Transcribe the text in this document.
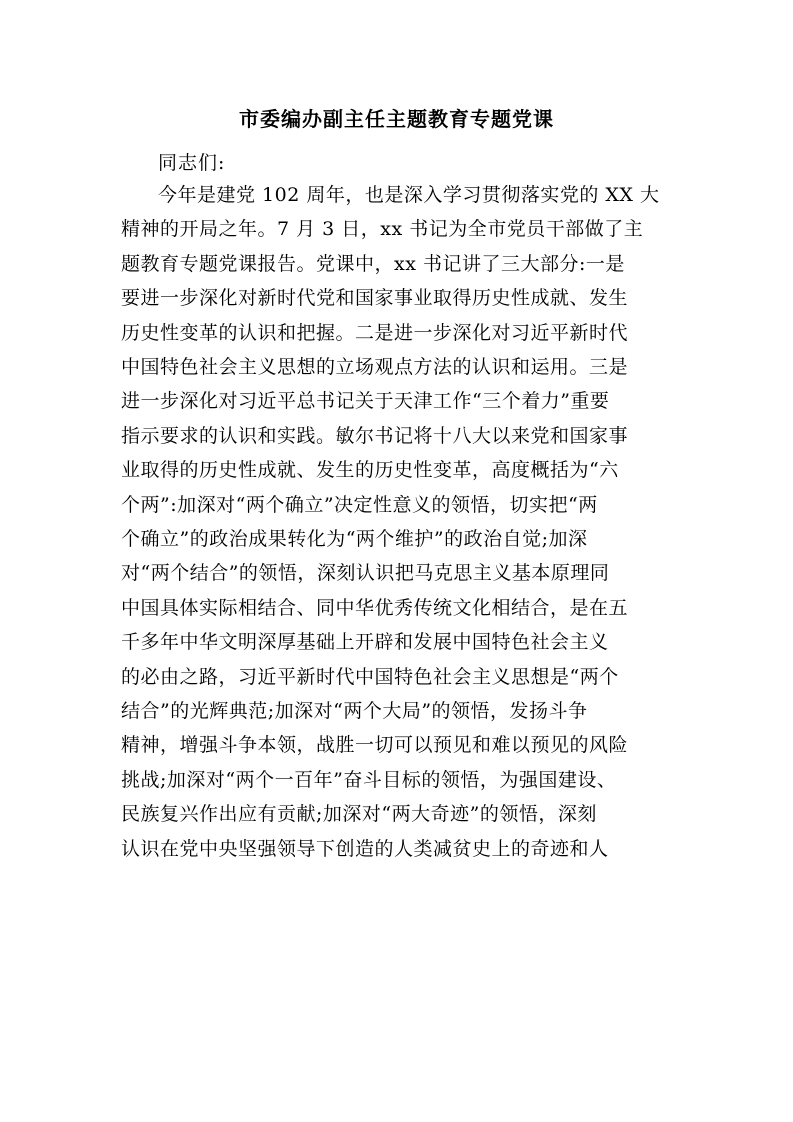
市委编办副主任主题教育专题党课
同志们:
今年是建党 102 周年，也是深入学习贯彻落实党的 XX 大
精神的开局之年。7 月 3 日，xx 书记为全市党员干部做了主
题教育专题党课报告。党课中，xx 书记讲了三大部分:一是
要进一步深化对新时代党和国家事业取得历史性成就、发生
历史性变革的认识和把握。二是进一步深化对习近平新时代
中国特色社会主义思想的立场观点方法的认识和运用。三是
进一步深化对习近平总书记关于天津工作“三个着力”重要
指示要求的认识和实践。敏尔书记将十八大以来党和国家事
业取得的历史性成就、发生的历史性变革，高度概括为“六
个两”:加深对“两个确立”决定性意义的领悟，切实把“两
个确立”的政治成果转化为“两个维护”的政治自觉;加深
对“两个结合”的领悟，深刻认识把马克思主义基本原理同
中国具体实际相结合、同中华优秀传统文化相结合，是在五
千多年中华文明深厚基础上开辟和发展中国特色社会主义
的必由之路，习近平新时代中国特色社会主义思想是“两个
结合”的光辉典范;加深对“两个大局”的领悟，发扬斗争
精神，增强斗争本领，战胜一切可以预见和难以预见的风险
挑战;加深对“两个一百年”奋斗目标的领悟，为强国建设、
民族复兴作出应有贡献;加深对“两大奇迹”的领悟，深刻
认识在党中央坚强领导下创造的人类减贫史上的奇迹和人
